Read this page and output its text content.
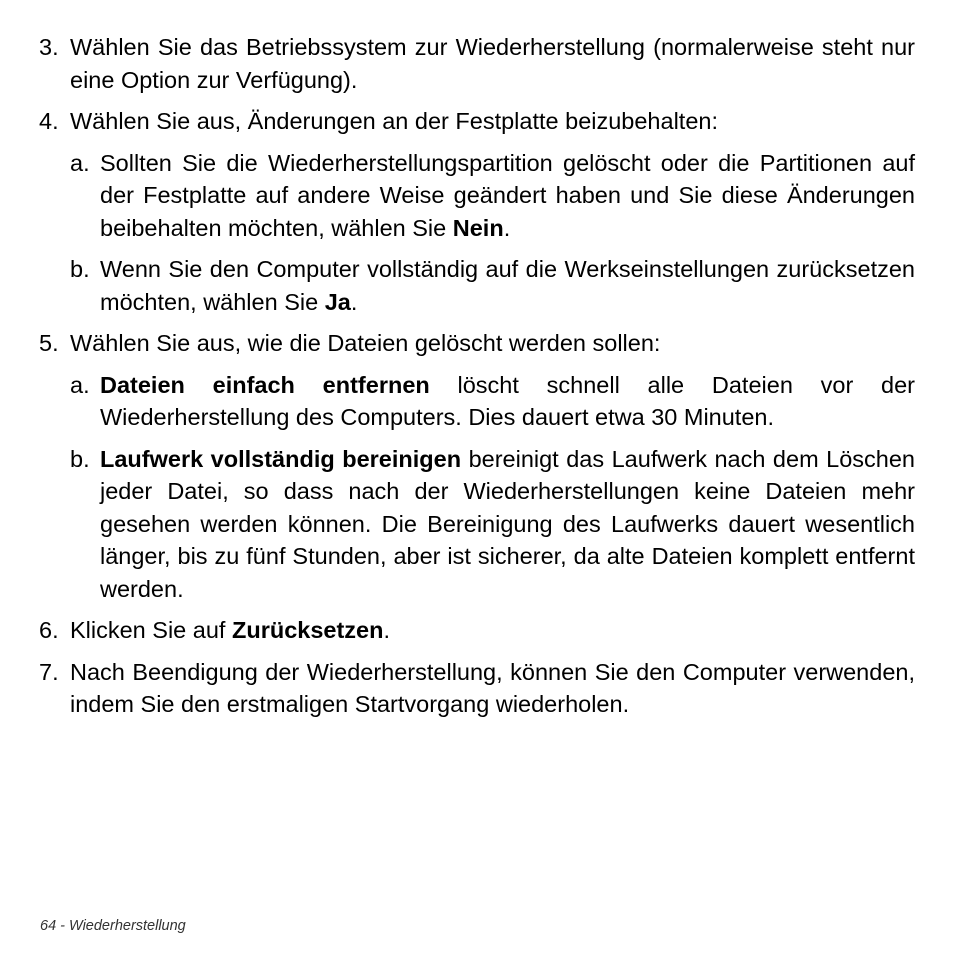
3. Wählen Sie das Betriebssystem zur Wiederherstellung (normalerweise steht nur eine Option zur Verfügung).
4. Wählen Sie aus, Änderungen an der Festplatte beizubehalten:
a. Sollten Sie die Wiederherstellungspartition gelöscht oder die Partitionen auf der Festplatte auf andere Weise geändert haben und Sie diese Änderungen beibehalten möchten, wählen Sie Nein.
b. Wenn Sie den Computer vollständig auf die Werkseinstellungen zurücksetzen möchten, wählen Sie Ja.
5. Wählen Sie aus, wie die Dateien gelöscht werden sollen:
a. Dateien einfach entfernen löscht schnell alle Dateien vor der Wiederherstellung des Computers. Dies dauert etwa 30 Minuten.
b. Laufwerk vollständig bereinigen bereinigt das Laufwerk nach dem Löschen jeder Datei, so dass nach der Wiederherstellungen keine Dateien mehr gesehen werden können. Die Bereinigung des Laufwerks dauert wesentlich länger, bis zu fünf Stunden, aber ist sicherer, da alte Dateien komplett entfernt werden.
6. Klicken Sie auf Zurücksetzen.
7. Nach Beendigung der Wiederherstellung, können Sie den Computer verwenden, indem Sie den erstmaligen Startvorgang wiederholen.
64 - Wiederherstellung
